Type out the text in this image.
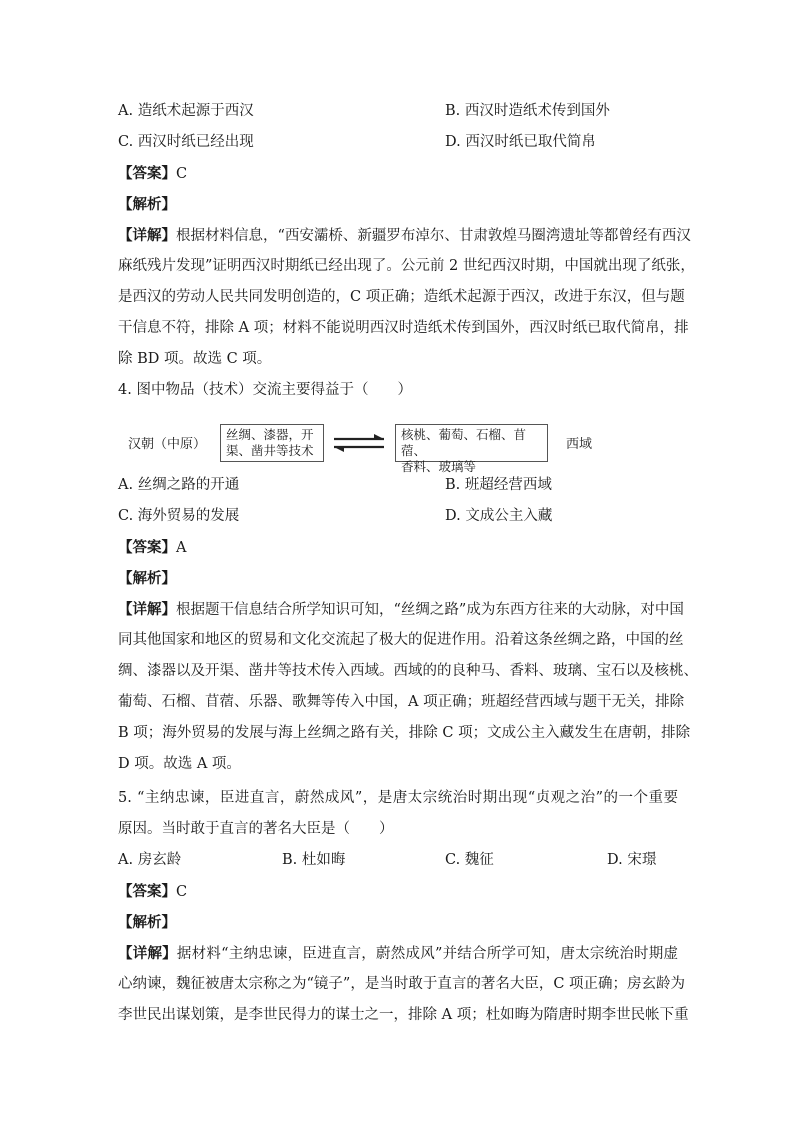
A. 造纸术起源于西汉	B. 西汉时造纸术传到国外
C. 西汉时纸已经出现	D. 西汉时纸已取代简帛
【答案】C
【解析】
【详解】根据材料信息，“西安灞桥、新疆罗布淖尔、甘肃敦煌马圈湾遗址等都曾经有西汉
麻纸残片发现”证明西汉时期纸已经出现了。公元前 2 世纪西汉时期，中国就出现了纸张，
是西汉的劳动人民共同发明创造的，C 项正确；造纸术起源于西汉，改进于东汉，但与题
干信息不符，排除 A 项；材料不能说明西汉时造纸术传到国外，西汉时纸已取代简帛，排
除 BD 项。故选 C 项。
4. 图中物品（技术）交流主要得益于（　　）
汉朝（中原）
丝绸、漆器，开
渠、凿井等技术
核桃、葡萄、石榴、苜蓿、
香料、玻璃等
西域
A. 丝绸之路的开通	B. 班超经营西域
C. 海外贸易的发展	D. 文成公主入藏
【答案】A
【解析】
【详解】根据题干信息结合所学知识可知，“丝绸之路”成为东西方往来的大动脉，对中国
同其他国家和地区的贸易和文化交流起了极大的促进作用。沿着这条丝绸之路，中国的丝
绸、漆器以及开渠、凿井等技术传入西域。西域的的良种马、香料、玻璃、宝石以及核桃、
葡萄、石榴、苜蓿、乐器、歌舞等传入中国，A 项正确；班超经营西域与题干无关，排除
B 项；海外贸易的发展与海上丝绸之路有关，排除 C 项；文成公主入藏发生在唐朝，排除
D 项。故选 A 项。
5. “主纳忠谏，臣进直言，蔚然成风”，是唐太宗统治时期出现“贞观之治”的一个重要
原因。当时敢于直言的著名大臣是（　　）
A. 房玄龄	B. 杜如晦	C. 魏征	D. 宋璟
【答案】C
【解析】
【详解】据材料“主纳忠谏，臣进直言，蔚然成风”并结合所学可知，唐太宗统治时期虚
心纳谏，魏征被唐太宗称之为“镜子”，是当时敢于直言的著名大臣，C 项正确；房玄龄为
李世民出谋划策，是李世民得力的谋士之一，排除 A 项；杜如晦为隋唐时期李世民帐下重
